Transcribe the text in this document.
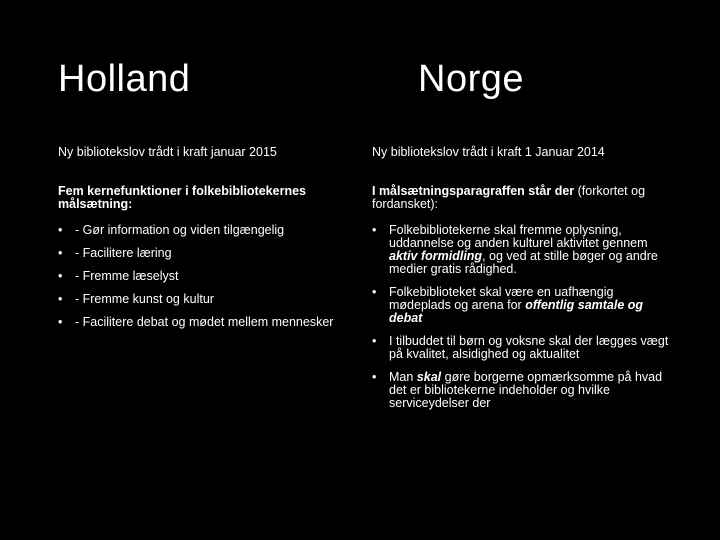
Holland	Norge

Ny bibliotekslov trådt i kraft januar 2015

Fem kernefunktioner i folkebibliotekernes målsætning:

• - Gør information og viden tilgængelig
• - Facilitere læring
• - Fremme læselyst
• - Fremme kunst og kultur
• - Facilitere debat og mødet mellem mennesker

Ny bibliotekslov trådt i kraft 1 Januar 2014

I målsætningsparagraffen står der (forkortet og fordansket):

• Folkebibliotekerne skal fremme oplysning, uddannelse og anden kulturel aktivitet gennem aktiv formidling, og ved at stille bøger og andre medier gratis rådighed.
• Folkebiblioteket skal være en uafhængig mødeplads og arena for offentlig samtale og debat
• I tilbuddet til børn og voksne skal der lægges vægt på kvalitet, alsidighed og aktualitet
• Man skal gøre borgerne opmærksomme på hvad det er bibliotekerne indeholder og hvilke serviceydelser der
